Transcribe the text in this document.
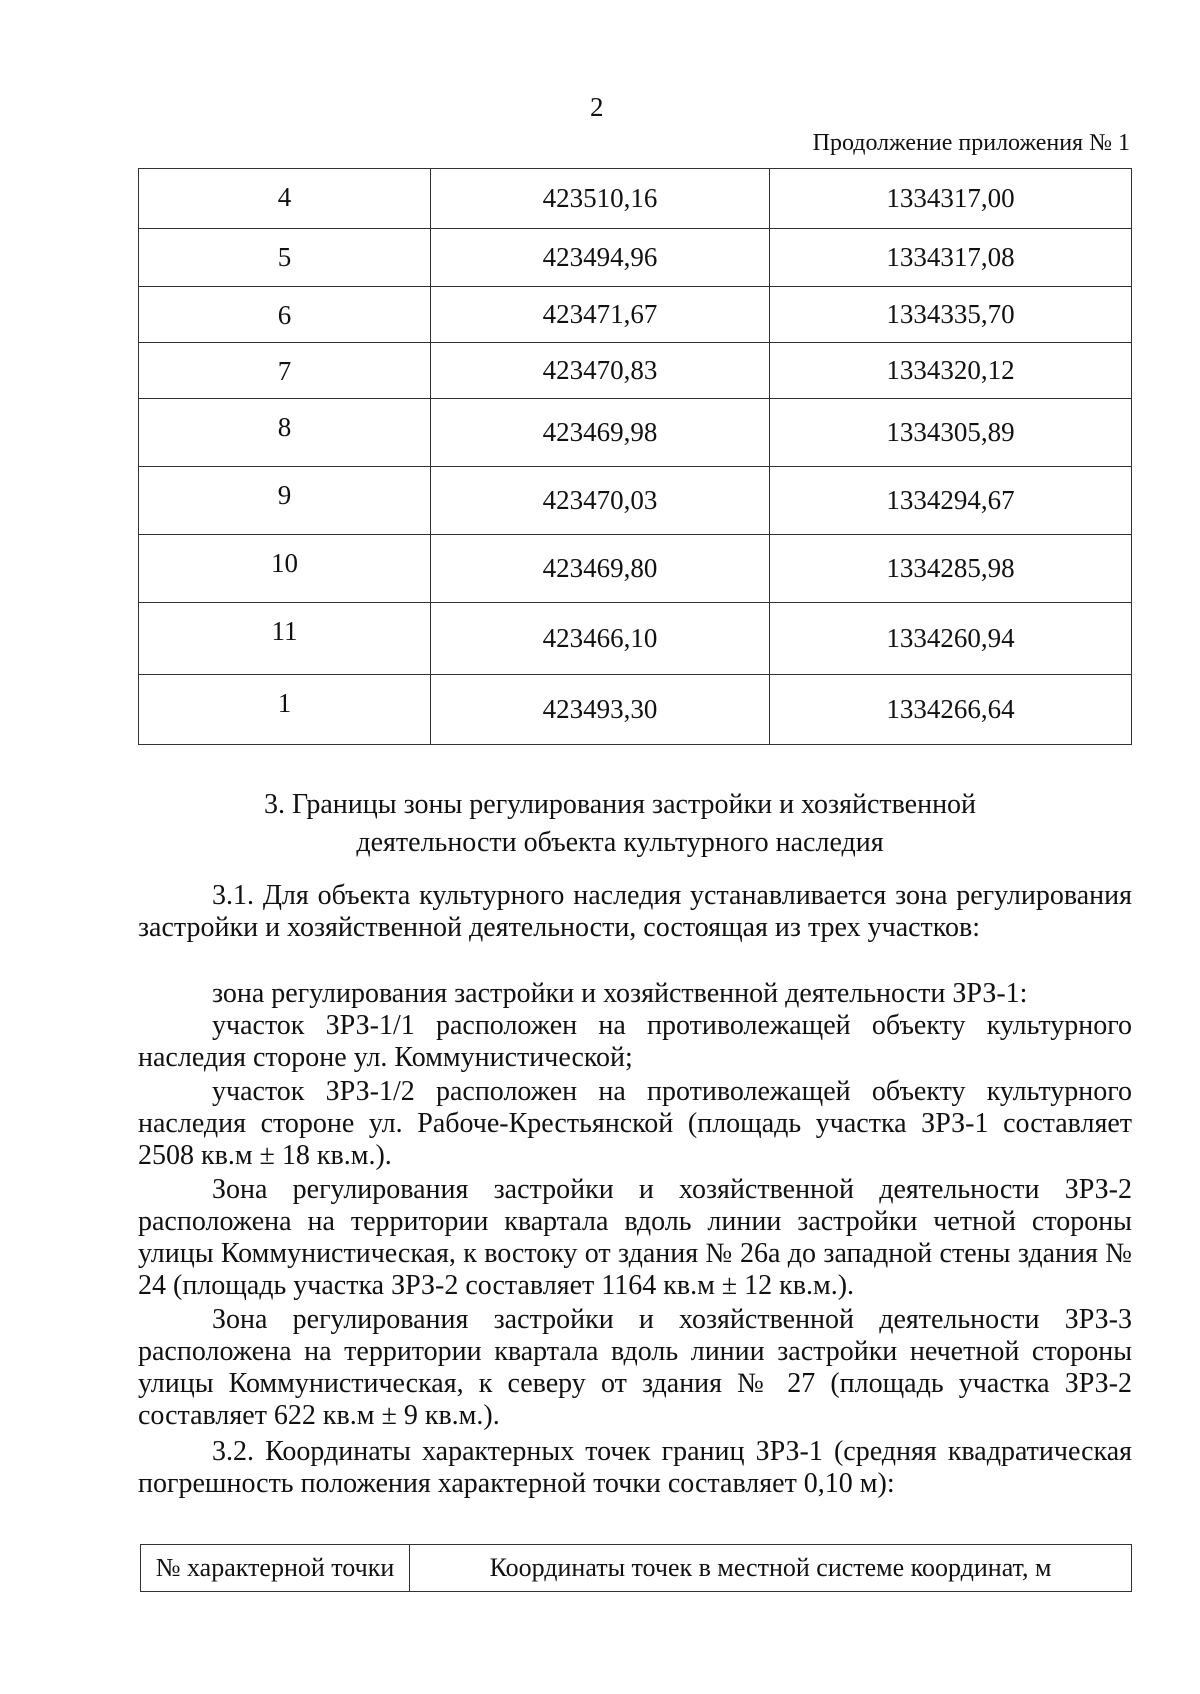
2
Продолжение приложения № 1
4	423510,16	1334317,00
5	423494,96	1334317,08
6	423471,67	1334335,70
7	423470,83	1334320,12
8	423469,98	1334305,89
9	423470,03	1334294,67
10	423469,80	1334285,98
11	423466,10	1334260,94
1	423493,30	1334266,64
3. Границы зоны регулирования застройки и хозяйственной
деятельности объекта культурного наследия
3.1. Для объекта культурного наследия устанавливается зона регулирования застройки и хозяйственной деятельности, состоящая из трех участков:
зона регулирования застройки и хозяйственной деятельности ЗРЗ-1:
участок ЗРЗ-1/1 расположен на противолежащей объекту культурного наследия стороне ул. Коммунистической;
участок ЗРЗ-1/2 расположен на противолежащей объекту культурного наследия стороне ул. Рабоче-Крестьянской (площадь участка ЗРЗ-1 составляет 2508 кв.м ± 18 кв.м.).
Зона регулирования застройки и хозяйственной деятельности ЗРЗ-2 расположена на территории квартала вдоль линии застройки четной стороны улицы Коммунистическая, к востоку от здания № 26а до западной стены здания № 24 (площадь участка ЗРЗ-2 составляет 1164 кв.м ± 12 кв.м.).
Зона регулирования застройки и хозяйственной деятельности ЗРЗ-3 расположена на территории квартала вдоль линии застройки нечетной стороны улицы Коммунистическая, к северу от здания № 27 (площадь участка ЗРЗ-2 составляет 622 кв.м ± 9 кв.м.).
3.2. Координаты характерных точек границ ЗРЗ-1 (средняя квадратическая погрешность положения характерной точки составляет 0,10 м):
№ характерной точки	Координаты точек в местной системе координат, м
